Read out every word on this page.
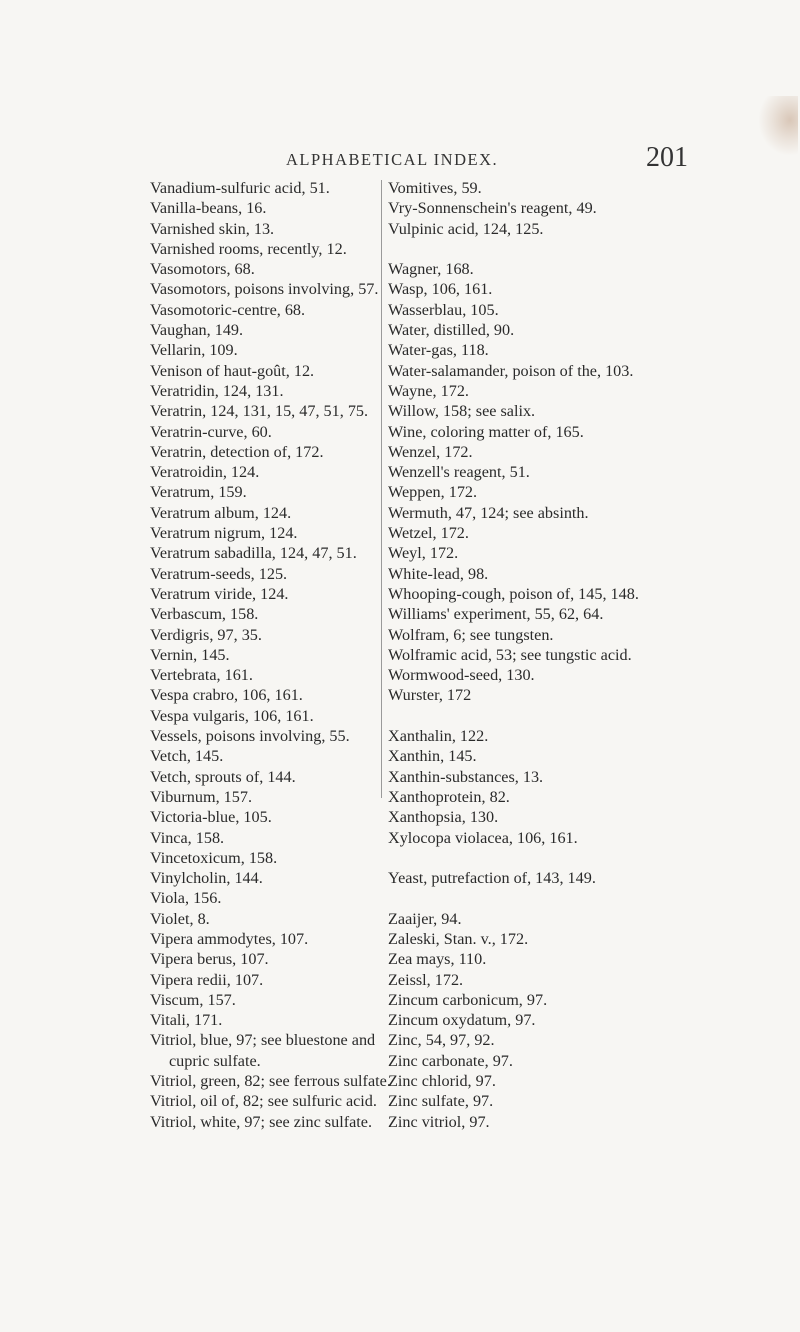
ALPHABETICAL INDEX.	201
Vanadium-sulfuric acid, 51.
Vanilla-beans, 16.
Varnished skin, 13.
Varnished rooms, recently, 12.
Vasomotors, 68.
Vasomotors, poisons involving, 57.
Vasomotoric-centre, 68.
Vaughan, 149.
Vellarin, 109.
Venison of haut-goût, 12.
Veratridin, 124, 131.
Veratrin, 124, 131, 15, 47, 51, 75.
Veratrin-curve, 60.
Veratrin, detection of, 172.
Veratroidin, 124.
Veratrum, 159.
Veratrum album, 124.
Veratrum nigrum, 124.
Veratrum sabadilla, 124, 47, 51.
Veratrum-seeds, 125.
Veratrum viride, 124.
Verbascum, 158.
Verdigris, 97, 35.
Vernin, 145.
Vertebrata, 161.
Vespa crabro, 106, 161.
Vespa vulgaris, 106, 161.
Vessels, poisons involving, 55.
Vetch, 145.
Vetch, sprouts of, 144.
Viburnum, 157.
Victoria-blue, 105.
Vinca, 158.
Vincetoxicum, 158.
Vinylcholin, 144.
Viola, 156.
Violet, 8.
Vipera ammodytes, 107.
Vipera berus, 107.
Vipera redii, 107.
Viscum, 157.
Vitali, 171.
Vitriol, blue, 97; see bluestone and
cupric sulfate.
Vitriol, green, 82; see ferrous sulfate.
Vitriol, oil of, 82; see sulfuric acid.
Vitriol, white, 97; see zinc sulfate.
Vomitives, 59.
Vry-Sonnenschein's reagent, 49.
Vulpinic acid, 124, 125.
Wagner, 168.
Wasp, 106, 161.
Wasserblau, 105.
Water, distilled, 90.
Water-gas, 118.
Water-salamander, poison of the, 103.
Wayne, 172.
Willow, 158; see salix.
Wine, coloring matter of, 165.
Wenzel, 172.
Wenzell's reagent, 51.
Weppen, 172.
Wermuth, 47, 124; see absinth.
Wetzel, 172.
Weyl, 172.
White-lead, 98.
Whooping-cough, poison of, 145, 148.
Williams' experiment, 55, 62, 64.
Wolfram, 6; see tungsten.
Wolframic acid, 53; see tungstic acid.
Wormwood-seed, 130.
Wurster, 172
Xanthalin, 122.
Xanthin, 145.
Xanthin-substances, 13.
Xanthoprotein, 82.
Xanthopsia, 130.
Xylocopa violacea, 106, 161.
Yeast, putrefaction of, 143, 149.
Zaaijer, 94.
Zaleski, Stan. v., 172.
Zea mays, 110.
Zeissl, 172.
Zincum carbonicum, 97.
Zincum oxydatum, 97.
Zinc, 54, 97, 92.
Zinc carbonate, 97.
Zinc chlorid, 97.
Zinc sulfate, 97.
Zinc vitriol, 97.
